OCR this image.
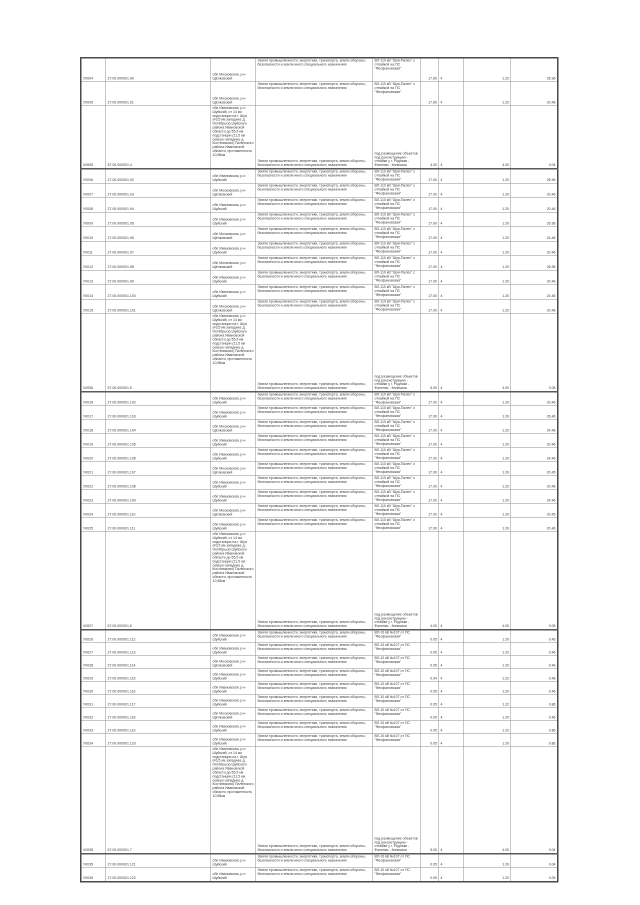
У0004	27.00.000001.90	обл Московская, р-н Щёлковский	Земли промышленности, энергетики, транспорта, земли обороны, безопасности и земли иного специального назначения	ВЛ-110 кВ "Шуя-Палех" с отпайкой на ПС "Феофановская"	17.60	4	1.20	26.96
У0005	27.00.000001.91	обл Московская, р-н Щёлковский	Земли промышленности, энергетики, транспорта, земли обороны, безопасности и земли иного специального назначения	ВЛ-110 кВ "Шуя-Палех" с отпайкой на ПС "Феофановская"	17.60	4	1.20	20.46
Ч0005	57.00.000001.4	обл Ивановская, р-н Шуйский, от 14 км подстанции на г. Шуя (43,5 км западнее д. Октябрьск) Шуйского района Ивановской области до 55,5 км подстанции (11,5 км северо-западнее д. Костяниково) Палехского района Ивановской области, протяженность 10,58км	Земли промышленности, энергетики, транспорта, земли обороны, безопасности и земли иного специального назначения	под размещение объектов под реконструкцию - отпайки у г. Родники - Фаленки - Кинешма	4.00	4	4.00	0.04
У0006	27.00.000001.92	обл Ивановская, р-н Шуйский	Земли промышленности, энергетики, транспорта, земли обороны, безопасности и земли иного специального назначения	ВЛ-110 кВ "Шуя-Палех" с отпайкой на ПС "Феофановская"	17.00	4	1.20	26.96
У0007	27.00.000001.93	обл Московская, р-н Щёлковский	Земли промышленности, энергетики, транспорта, земли обороны, безопасности и земли иного специального назначения	ВЛ-110 кВ "Шуя-Палех" с отпайкой на ПС "Феофановская"	17.00	4	1.20	20.46
У0008	27.00.000001.94	обл Ивановская, р-н Шуйский	Земли промышленности, энергетики, транспорта, земли обороны, безопасности и земли иного специального назначения	ВЛ-110 кВ "Шуя-Палех" с отпайкой на ПС "Феофановская"	17.00	4	1.20	20.46
У0009	27.00.000001.95	обл Ивановская, р-н Шуйский	Земли промышленности, энергетики, транспорта, земли обороны, безопасности и земли иного специального назначения	ВЛ-110 кВ "Шуя-Палех" с отпайкой на ПС "Феофановская"	17.00	4	1.20	26.96
У0010	27.00.000001.96	обл Московская, р-н Щёлковский	Земли промышленности, энергетики, транспорта, земли обороны, безопасности и земли иного специального назначения	ВЛ-110 кВ "Шуя-Палех" с отпайкой на ПС "Феофановская"	17.00	4	1.20	24.46
У0011	27.00.000001.97	обл Ивановская, р-н Шуйский	Земли промышленности, энергетики, транспорта, земли обороны, безопасности и земли иного специального назначения	ВЛ-110 кВ "Шуя-Палех" с отпайкой на ПС "Феофановская"	17.00	4	1.20	20.46
У0012	27.00.000001.98	обл Московская, р-н Щёлковский	Земли промышленности, энергетики, транспорта, земли обороны, безопасности и земли иного специального назначения	ВЛ-110 кВ "Шуя-Палех" с отпайкой на ПС "Феофановская"	17.00	4	1.20	26.96
У0013	27.00.000001.99	обл Ивановская, р-н Шуйский	Земли промышленности, энергетики, транспорта, земли обороны, безопасности и земли иного специального назначения	ВЛ-110 кВ "Шуя-Палех" с отпайкой на ПС "Феофановская"	17.00	4	1.20	20.46
У0014	27.00.000001.100	обл Ивановская, р-н Шуйский	Земли промышленности, энергетики, транспорта, земли обороны, безопасности и земли иного специального назначения	ВЛ-110 кВ "Шуя-Палех" с отпайкой на ПС "Феофановская"	17.00	4	1.20	24.46
У0015	27.00.000001.101	обл Московская, р-н Щёлковский	Земли промышленности, энергетики, транспорта, земли обороны, безопасности и земли иного специального назначения	ВЛ-110 кВ "Шуя-Палех" с отпайкой на ПС "Феофановская"	17.00	4	1.20	20.46
Ч0006	57.00.000001.5	обл Ивановская, р-н Шуйский, от 14 км подстанции на г. Шуя (43,5 км западнее д. Октябрьск) Шуйского района Ивановской области до 55,5 км подстанции (11,5 км северо-западнее д. Костяниково) Палехского района Ивановской области, протяженность 10,58км	Земли промышленности, энергетики, транспорта, земли обороны, безопасности и земли иного специального назначения	под размещение объектов под реконструкцию - отпайки у г. Родники - Фаленки - Кинешма	5.00	4	4.00	0.05
У0016	27.00.000001.102	обл Ивановская, р-н Шуйский	Земли промышленности, энергетики, транспорта, земли обороны, безопасности и земли иного специального назначения	ВЛ-110 кВ "Шуя-Палех" с отпайкой на ПС "Феофановская"	17.00	4	1.20	20.46
У0017	27.00.000001.103	обл Ивановская, р-н Шуйский	Земли промышленности, энергетики, транспорта, земли обороны, безопасности и земли иного специального назначения	ВЛ-110 кВ "Шуя-Палех" с отпайкой на ПС "Феофановская"	17.00	4	1.20	26.46
У0018	27.00.000001.104	обл Московская, р-н Щёлковский	Земли промышленности, энергетики, транспорта, земли обороны, безопасности и земли иного специального назначения	ВЛ-110 кВ "Шуя-Палех" с отпайкой на ПС "Феофановская"	17.00	4	1.20	24.46
У0019	27.00.000001.105	обл Ивановская, р-н Шуйский	Земли промышленности, энергетики, транспорта, земли обороны, безопасности и земли иного специального назначения	ВЛ-110 кВ "Шуя-Палех" с отпайкой на ПС "Феофановская"	17.00	4	1.20	20.46
У0020	27.00.000001.106	обл Ивановская, р-н Шуйский	Земли промышленности, энергетики, транспорта, земли обороны, безопасности и земли иного специального назначения	ВЛ-110 кВ "Шуя-Палех" с отпайкой на ПС "Феофановская"	17.00	4	1.20	24.46
У0021	27.00.000001.107	обл Московская, р-н Щёлковский	Земли промышленности, энергетики, транспорта, земли обороны, безопасности и земли иного специального назначения	ВЛ-110 кВ "Шуя-Палех" с отпайкой на ПС "Феофановская"	17.00	4	1.20	20.45
У0022	27.00.000001.108	обл Ивановская, р-н Шуйский	Земли промышленности, энергетики, транспорта, земли обороны, безопасности и земли иного специального назначения	ВЛ-110 кВ "Шуя-Палех" с отпайкой на ПС "Феофановская"	17.00	4	1.20	20.46
У0023	27.00.000001.109	обл Ивановская, р-н Шуйский	Земли промышленности, энергетики, транспорта, земли обороны, безопасности и земли иного специального назначения	ВЛ-110 кВ "Шуя-Палех" с отпайкой на ПС "Феофановская"	17.00	4	1.20	24.46
У0024	27.00.000001.110	обл Московская, р-н Щёлковский	Земли промышленности, энергетики, транспорта, земли обороны, безопасности и земли иного специального назначения	ВЛ-110 кВ "Шуя-Палех" с отпайкой на ПС "Феофановская"	17.00	4	1.20	20.45
У0025	27.00.000001.111	обл Ивановская, р-н Шуйский	Земли промышленности, энергетики, транспорта, земли обороны, безопасности и земли иного специального назначения	ВЛ-110 кВ "Шуя-Палех" с отпайкой на ПС "Феофановская"	17.00	4	1.20	20.46
Ч0007	57.00.000001.6	обл Ивановская, р-н Шуйский, от 14 км подстанции на г. Шуя (43,5 км западнее д. Октябрьск) Шуйского района Ивановской области до 55,5 км подстанции (11,5 км северо-западнее д. Костяниково) Палехского района Ивановской области, протяженность 10,58км	Земли промышленности, энергетики, транспорта, земли обороны, безопасности и земли иного специального назначения	под размещение объектов под реконструкцию - отпайки у г. Родники - Фаленки - Кинешма	4.00	4	4.00	0.05
У0026	27.00.000001.112	обл Ивановская, р-н Шуйский	Земли промышленности, энергетики, транспорта, земли обороны, безопасности и земли иного специального назначения	ВЛ-10 кВ №107 от ПС "Феофановская"	0.05	4	1.20	0.46
У0027	27.00.000001.113	обл Ивановская, р-н Шуйский	Земли промышленности, энергетики, транспорта, земли обороны, безопасности и земли иного специального назначения	ВЛ-10 кВ №107 от ПС "Феофановская"	0.05	4	1.22	0.46
У0028	27.00.000001.114	обл Московская, р-н Щёлковский	Земли промышленности, энергетики, транспорта, земли обороны, безопасности и земли иного специального назначения	ВЛ-10 кВ №107 от ПС "Феофановская"	0.05	4	1.20	0.46
У0029	27.00.000001.115	обл Ивановская, р-н Шуйский	Земли промышленности, энергетики, транспорта, земли обороны, безопасности и земли иного специального назначения	ВЛ-10 кВ №107 от ПС "Феофановская"	0.04	4	1.22	0.46
У0030	27.00.000001.116	обл Ивановская, р-н Шуйский	Земли промышленности, энергетики, транспорта, земли обороны, безопасности и земли иного специального назначения	ВЛ-10 кВ №107 от ПС "Феофановская"	0.05	4	1.20	0.46
У0031	27.00.000001.117	обл Ивановская, р-н Шуйский	Земли промышленности, энергетики, транспорта, земли обороны, безопасности и земли иного специального назначения	ВЛ-10 кВ №107 от ПС "Феофановская"	0.05	4	1.22	0.86
У0032	27.00.000001.118	обл Московская, р-н Щёлковский	Земли промышленности, энергетики, транспорта, земли обороны, безопасности и земли иного специального назначения	ВЛ-10 кВ №107 от ПС "Феофановская"	0.05	4	1.20	0.46
У0033	27.00.000001.119	обл Ивановская, р-н Шуйский	Земли промышленности, энергетики, транспорта, земли обороны, безопасности и земли иного специального назначения	ВЛ-10 кВ №107 от ПС "Феофановская"	0.05	4	1.22	0.86
У0034	27.00.000001.120	обл Ивановская, р-н Шуйский	Земли промышленности, энергетики, транспорта, земли обороны, безопасности и земли иного специального назначения	ВЛ-10 кВ №107 от ПС "Феофановская"	0.05	4	1.20	0.86
Ч0008	57.00.000001.7	обл Ивановская, р-н Шуйский, от 14 км подстанции на г. Шуя (43,5 км западнее д. Октябрьск) Шуйского района Ивановской области до 55,5 км подстанции (11,5 км северо-западнее д. Костяниково) Палехского района Ивановской области, протяженность 10,58км	Земли промышленности, энергетики, транспорта, земли обороны, безопасности и земли иного специального назначения	под размещение объектов под реконструкцию - отпайки у г. Родники - Фаленки - Кинешма	5.00	4	4.00	0.04
У0035	27.00.000001.121	обл Ивановская, р-н Шуйский	Земли промышленности, энергетики, транспорта, земли обороны, безопасности и земли иного специального назначения	ВЛ-10 кВ №107 от ПС "Феофановская"	0.05	4	1.20	0.04
У0036	27.00.000001.122	обл Ивановская, р-н Шуйский	Земли промышленности, энергетики, транспорта, земли обороны, безопасности и земли иного специального назначения	ВЛ-10 кВ №107 от ПС "Феофановская"	0.05	4	1.20	0.05
